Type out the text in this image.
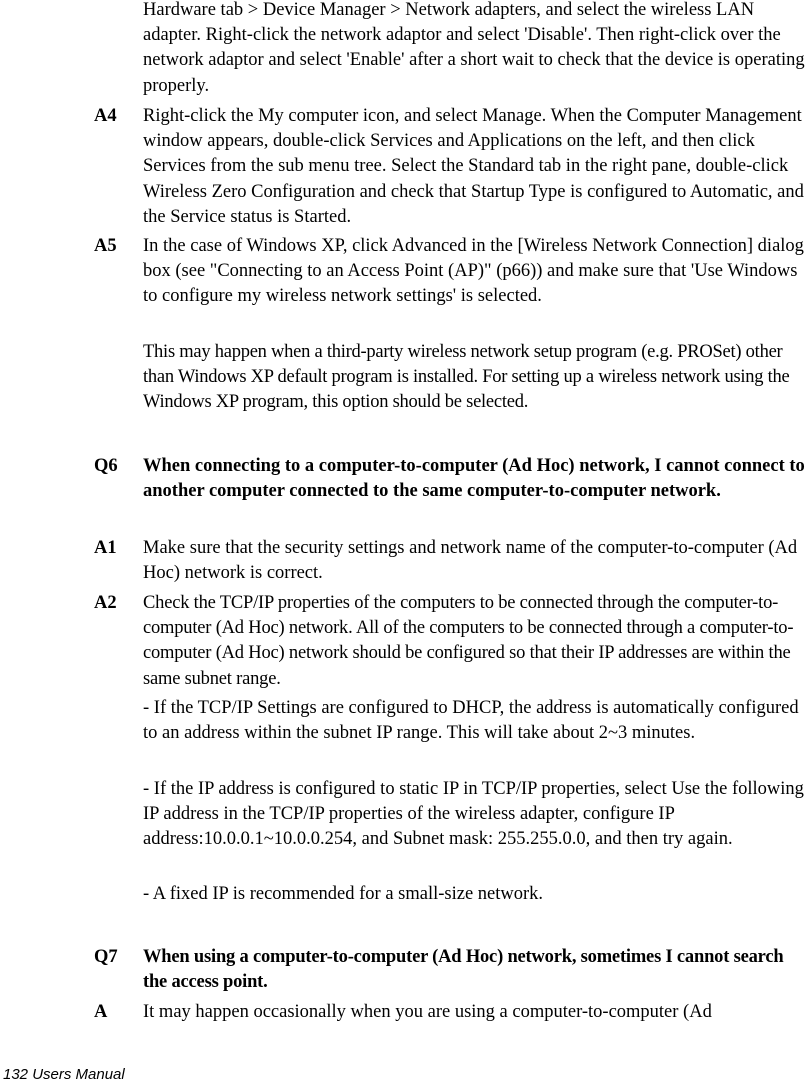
Hardware tab > Device Manager > Network adapters, and select the wireless LAN adapter. Right-click the network adaptor and select 'Disable'. Then right-click over the network adaptor and select 'Enable' after a short wait to check that the device is operating properly.

A4 Right-click the My computer icon, and select Manage. When the Computer Management window appears, double-click Services and Applications on the left, and then click Services from the sub menu tree. Select the Standard tab in the right pane, double-click Wireless Zero Configuration and check that Startup Type is configured to Automatic, and the Service status is Started.

A5 In the case of Windows XP, click Advanced in the [Wireless Network Connection] dialog box (see "Connecting to an Access Point (AP)" (p66)) and make sure that 'Use Windows to configure my wireless network settings' is selected.

This may happen when a third-party wireless network setup program (e.g. PROSet) other than Windows XP default program is installed. For setting up a wireless network using the Windows XP program, this option should be selected.

Q6 When connecting to a computer-to-computer (Ad Hoc) network, I cannot connect to another computer connected to the same computer-to-computer network.

A1 Make sure that the security settings and network name of the computer-to-computer (Ad Hoc) network is correct.

A2 Check the TCP/IP properties of the computers to be connected through the computer-to-computer (Ad Hoc) network. All of the computers to be connected through a computer-to-computer (Ad Hoc) network should be configured so that their IP addresses are within the same subnet range.

- If the TCP/IP Settings are configured to DHCP, the address is automatically configured to an address within the subnet IP range. This will take about 2~3 minutes.

- If the IP address is configured to static IP in TCP/IP properties, select Use the following IP address in the TCP/IP properties of the wireless adapter, configure IP address:10.0.0.1~10.0.0.254, and Subnet mask: 255.255.0.0, and then try again.

- A fixed IP is recommended for a small-size network.

Q7 When using a computer-to-computer (Ad Hoc) network, sometimes I cannot search the access point.

A It may happen occasionally when you are using a computer-to-computer (Ad

132 Users Manual
